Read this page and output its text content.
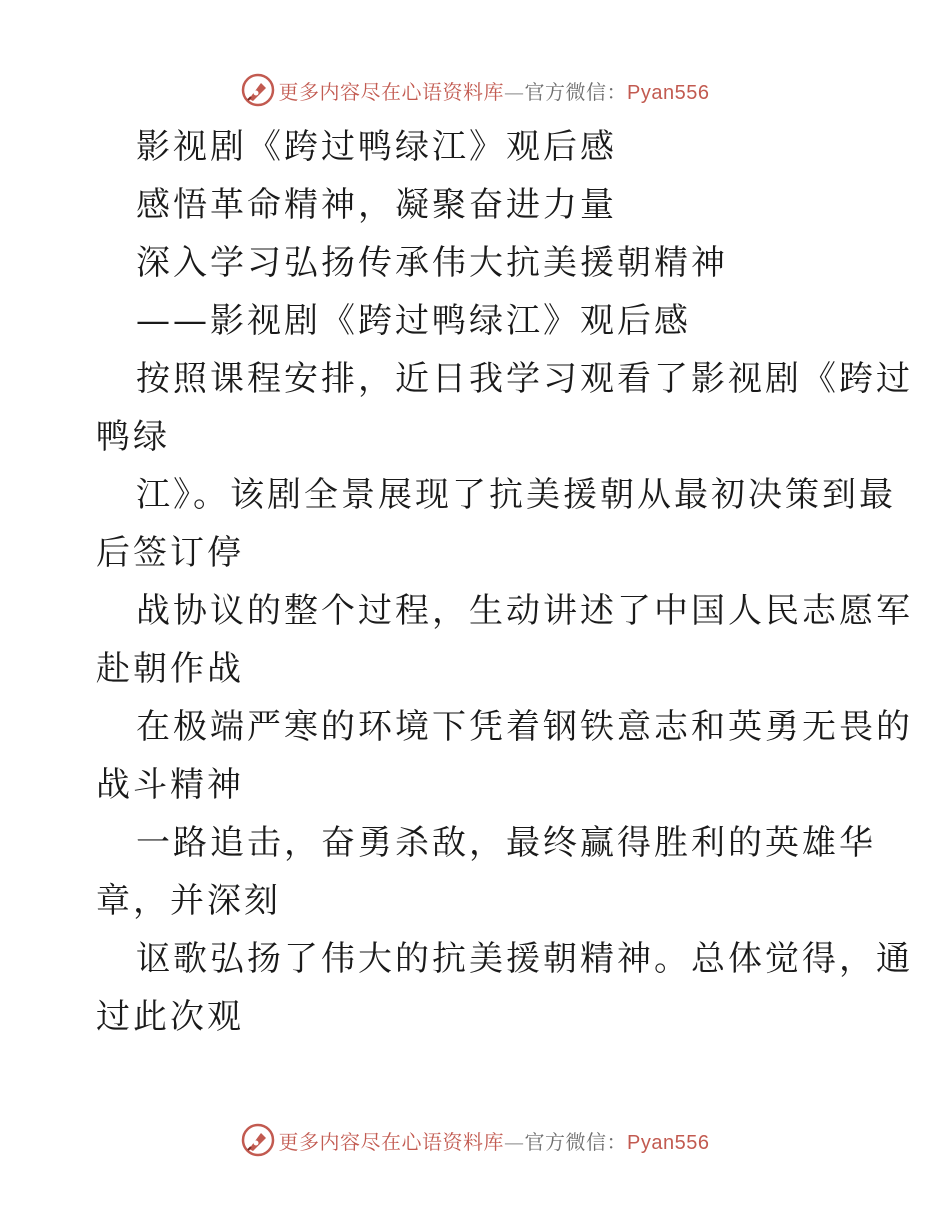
更多内容尽在心语资料库—官方微信：Pyan556
影视剧《跨过鸭绿江》观后感
感悟革命精神，凝聚奋进力量
深入学习弘扬传承伟大抗美援朝精神
——影视剧《跨过鸭绿江》观后感
按照课程安排，近日我学习观看了影视剧《跨过
鸭绿
江》。该剧全景展现了抗美援朝从最初决策到最
后签订停
战协议的整个过程，生动讲述了中国人民志愿军
赴朝作战
在极端严寒的环境下凭着钢铁意志和英勇无畏的
战斗精神
一路追击，奋勇杀敌，最终赢得胜利的英雄华
章，并深刻
讴歌弘扬了伟大的抗美援朝精神。总体觉得，通
过此次观
更多内容尽在心语资料库—官方微信：Pyan556
